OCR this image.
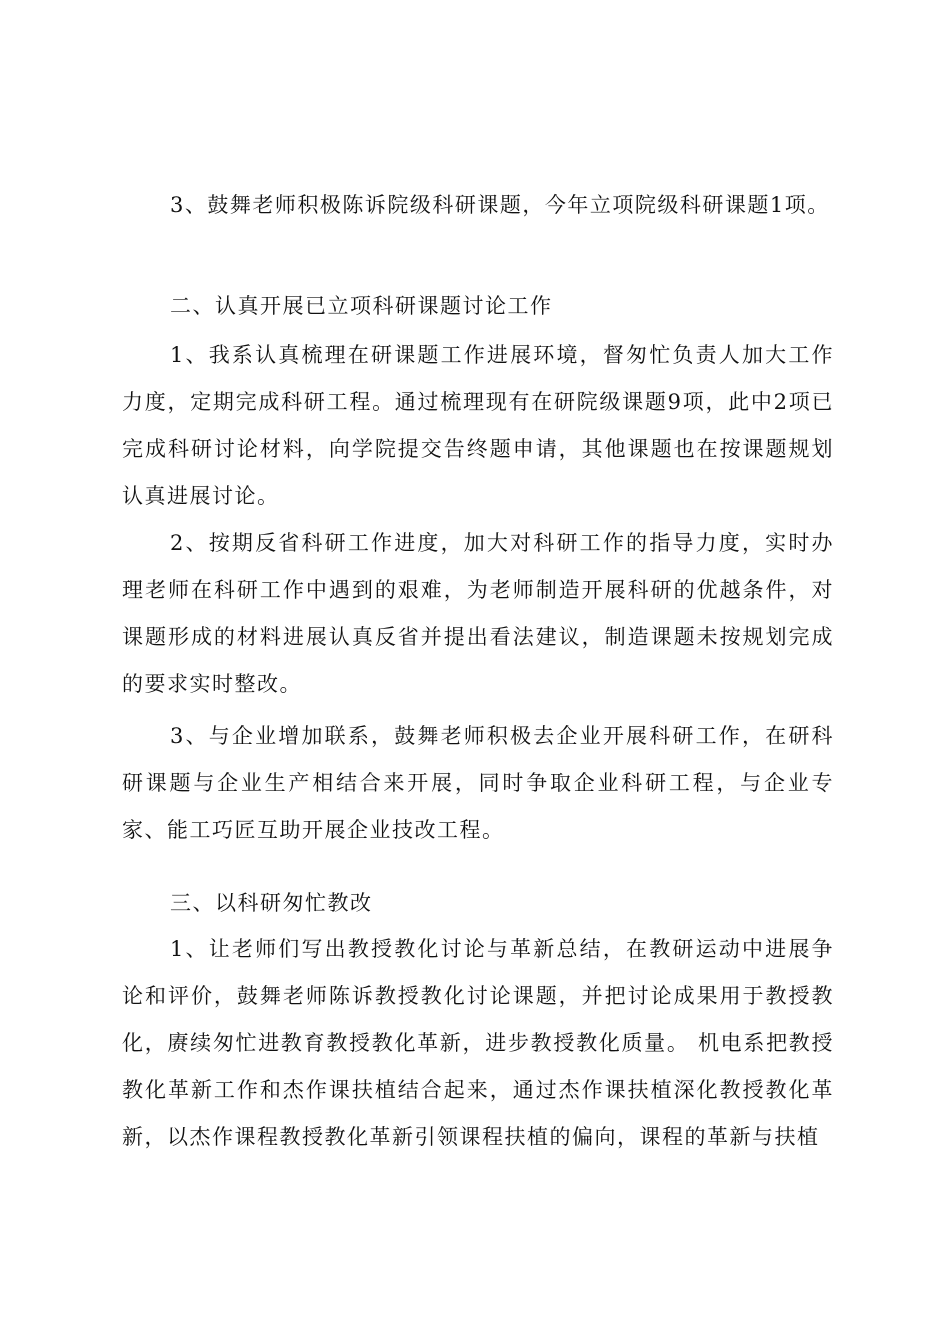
3、鼓舞老师积极陈诉院级科研课题，今年立项院级科研课题1项。

二、认真开展已立项科研课题讨论工作

1、我系认真梳理在研课题工作进展环境，督匆忙负责人加大工作力度，定期完成科研工程。通过梳理现有在研院级课题9项，此中2项已完成科研讨论材料，向学院提交告终题申请，其他课题也在按课题规划认真进展讨论。

2、按期反省科研工作进度，加大对科研工作的指导力度，实时办理老师在科研工作中遇到的艰难，为老师制造开展科研的优越条件，对课题形成的材料进展认真反省并提出看法建议，制造课题未按规划完成的要求实时整改。

3、与企业增加联系，鼓舞老师积极去企业开展科研工作，在研科研课题与企业生产相结合来开展，同时争取企业科研工程，与企业专家、能工巧匠互助开展企业技改工程。

三、以科研匆忙教改

1、让老师们写出教授教化讨论与革新总结，在教研运动中进展争论和评价，鼓舞老师陈诉教授教化讨论课题，并把讨论成果用于教授教化，赓续匆忙进教育教授教化革新，进步教授教化质量。 机电系把教授教化革新工作和杰作课扶植结合起来，通过杰作课扶植深化教授教化革新，以杰作课程教授教化革新引领课程扶植的偏向，课程的革新与扶植
